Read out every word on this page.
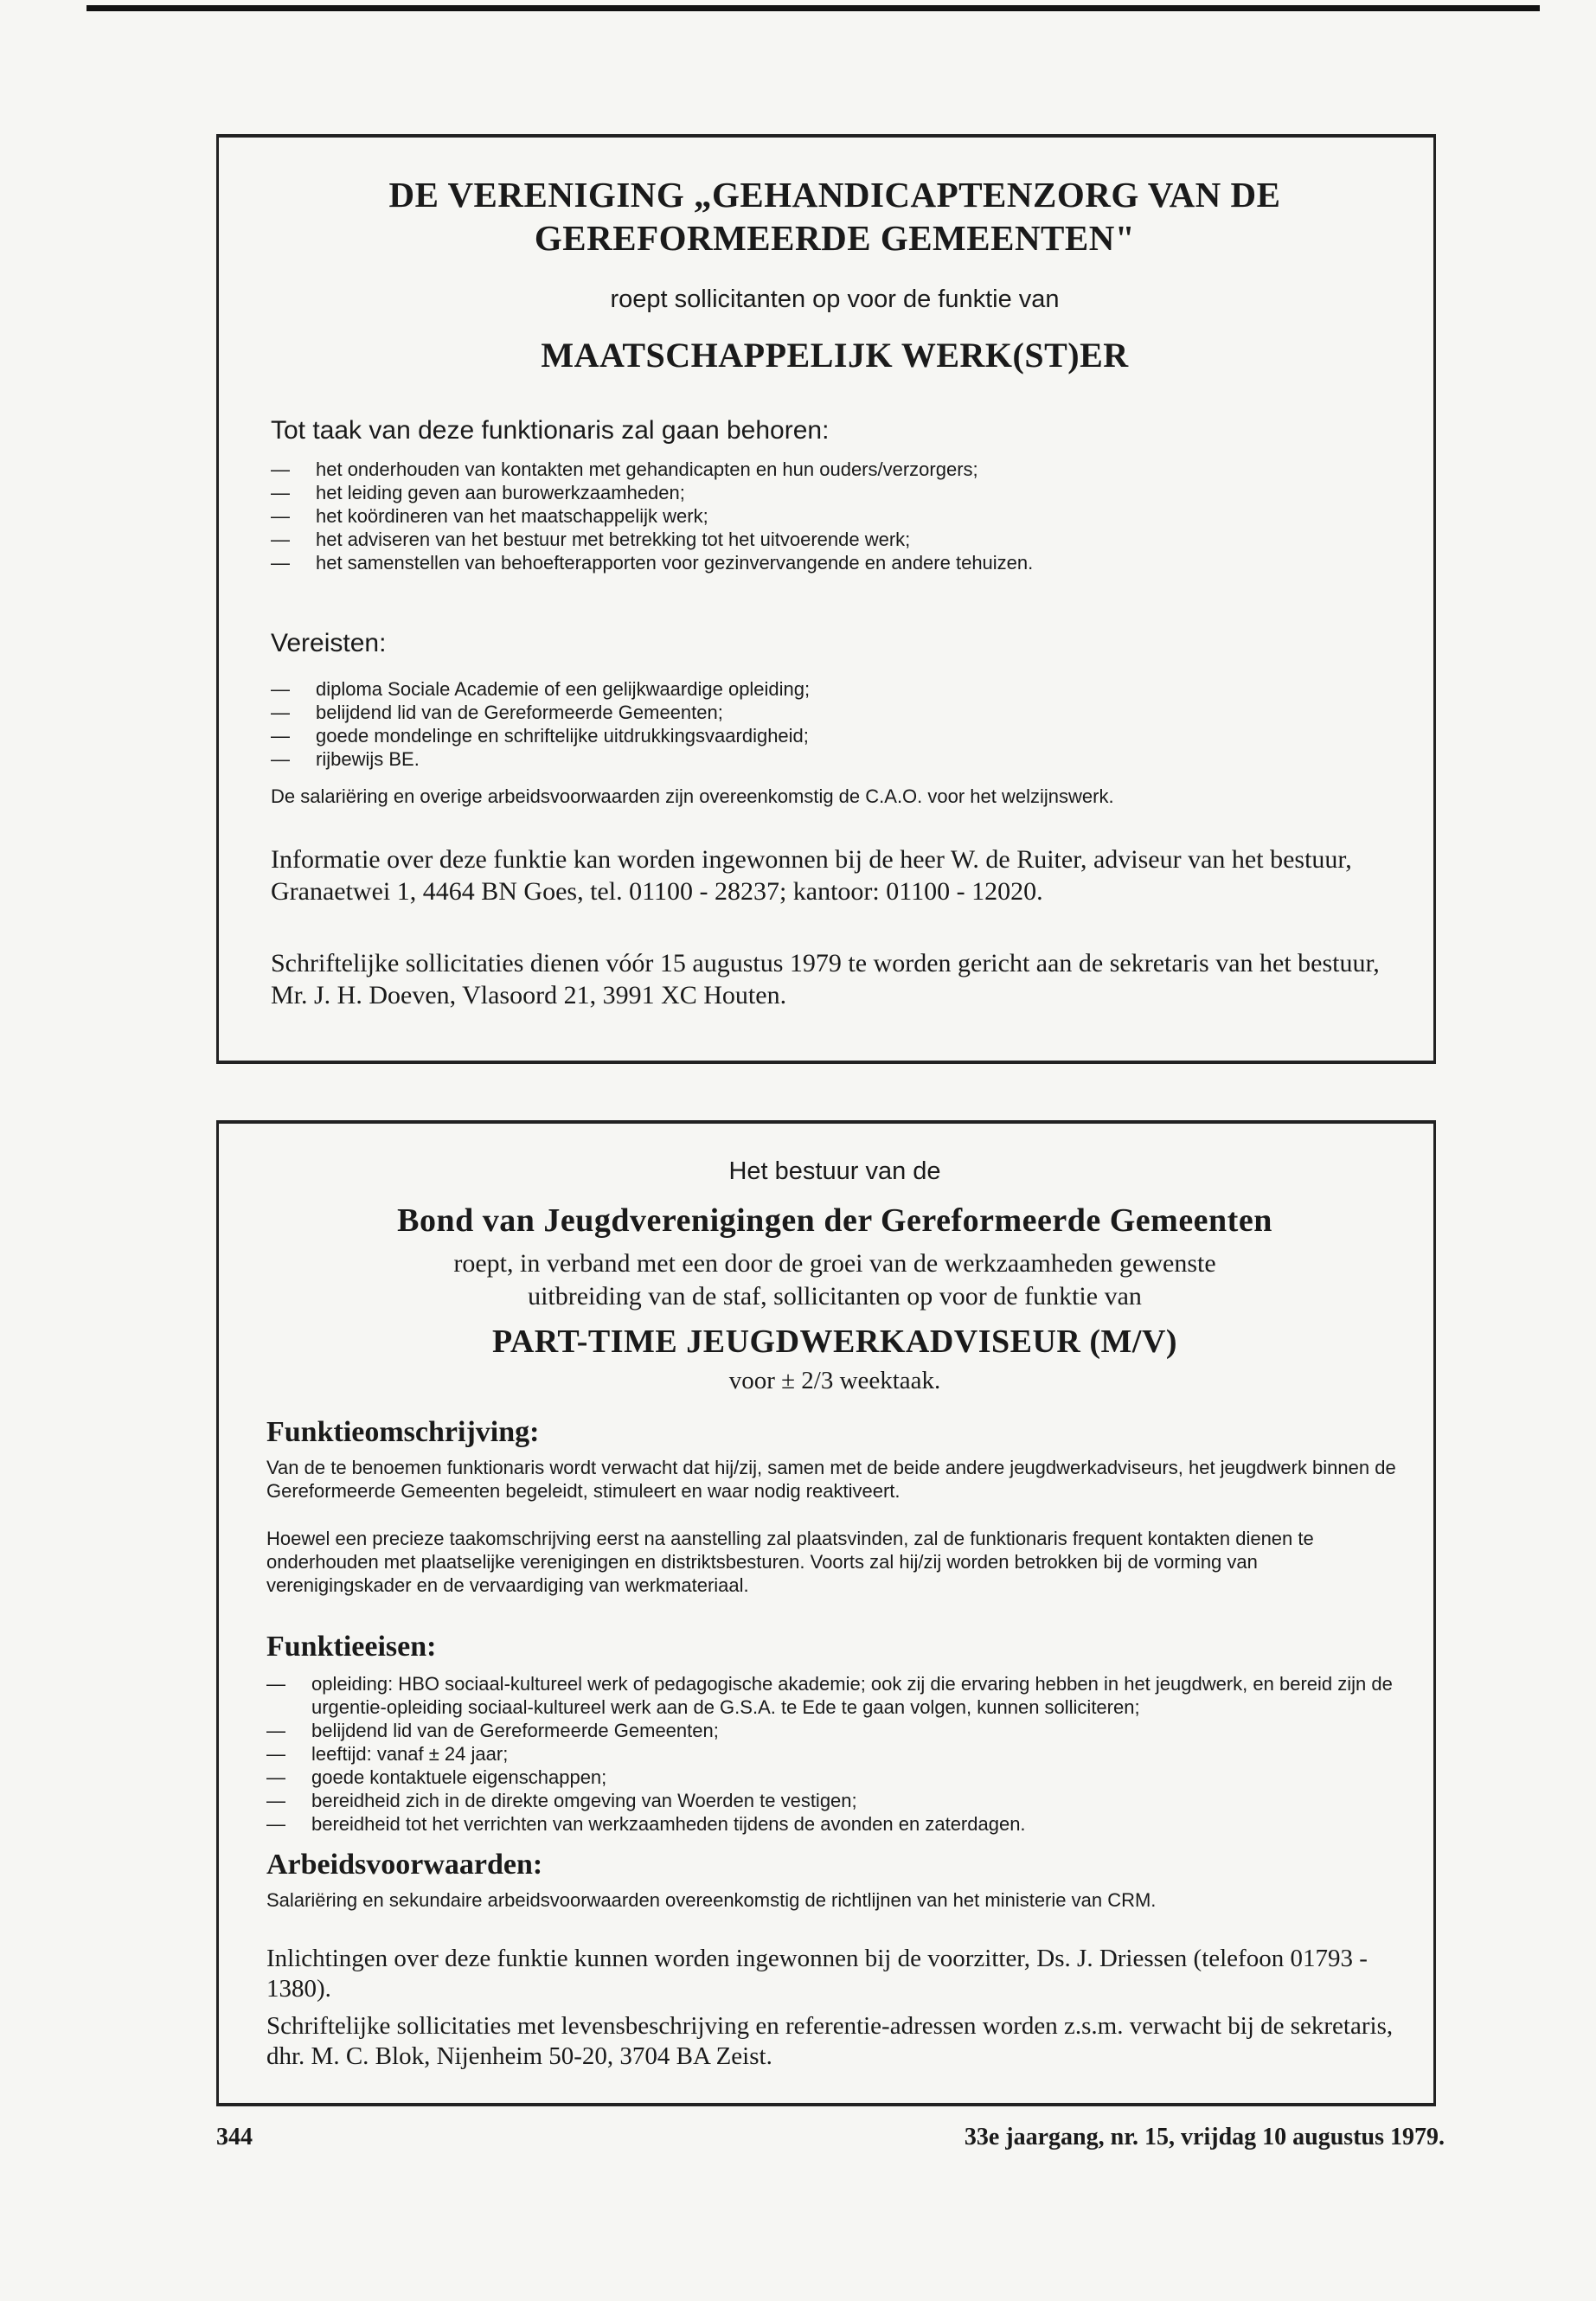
DE VERENIGING „GEHANDICAPTENZORG VAN DE
GEREFORMEERDE GEMEENTEN"
roept sollicitanten op voor de funktie van
MAATSCHAPPELIJK WERK(ST)ER
Tot taak van deze funktionaris zal gaan behoren:
— het onderhouden van kontakten met gehandicapten en hun ouders/verzorgers;
— het leiding geven aan burowerkzaamheden;
— het koördineren van het maatschappelijk werk;
— het adviseren van het bestuur met betrekking tot het uitvoerende werk;
— het samenstellen van behoefterapporten voor gezinvervangende en andere tehuizen.
Vereisten:
— diploma Sociale Academie of een gelijkwaardige opleiding;
— belijdend lid van de Gereformeerde Gemeenten;
— goede mondelinge en schriftelijke uitdrukkingsvaardigheid;
— rijbewijs BE.
De salariëring en overige arbeidsvoorwaarden zijn overeenkomstig de C.A.O. voor het welzijnswerk.
Informatie over deze funktie kan worden ingewonnen bij de heer W. de Ruiter, adviseur van het bestuur, Granaetwei 1, 4464 BN Goes, tel. 01100 - 28237; kantoor: 01100 - 12020.
Schriftelijke sollicitaties dienen vóór 15 augustus 1979 te worden gericht aan de sekretaris van het bestuur, Mr. J. H. Doeven, Vlasoord 21, 3991 XC Houten.
Het bestuur van de
Bond van Jeugdverenigingen der Gereformeerde Gemeenten
roept, in verband met een door de groei van de werkzaamheden gewenste
uitbreiding van de staf, sollicitanten op voor de funktie van
PART-TIME JEUGDWERKADVISEUR (M/V)
voor ± 2/3 weektaak.
Funktieomschrijving:
Van de te benoemen funktionaris wordt verwacht dat hij/zij, samen met de beide andere jeugdwerkadviseurs, het jeugdwerk binnen de Gereformeerde Gemeenten begeleidt, stimuleert en waar nodig reaktiveert.
Hoewel een precieze taakomschrijving eerst na aanstelling zal plaatsvinden, zal de funktionaris frequent kontakten dienen te onderhouden met plaatselijke verenigingen en distriktsbesturen. Voorts zal hij/zij worden betrokken bij de vorming van verenigingskader en de vervaardiging van werkmateriaal.
Funktieeisen:
— opleiding: HBO sociaal-kultureel werk of pedagogische akademie; ook zij die ervaring hebben in het jeugdwerk, en bereid zijn de urgentie-opleiding sociaal-kultureel werk aan de G.S.A. te Ede te gaan volgen, kunnen solliciteren;
— belijdend lid van de Gereformeerde Gemeenten;
— leeftijd: vanaf ± 24 jaar;
— goede kontaktuele eigenschappen;
— bereidheid zich in de direkte omgeving van Woerden te vestigen;
— bereidheid tot het verrichten van werkzaamheden tijdens de avonden en zaterdagen.
Arbeidsvoorwaarden:
Salariëring en sekundaire arbeidsvoorwaarden overeenkomstig de richtlijnen van het ministerie van CRM.
Inlichtingen over deze funktie kunnen worden ingewonnen bij de voorzitter, Ds. J. Driessen (telefoon 01793 - 1380).
Schriftelijke sollicitaties met levensbeschrijving en referentie-adressen worden z.s.m. verwacht bij de sekretaris, dhr. M. C. Blok, Nijenheim 50-20, 3704 BA Zeist.
344	33e jaargang, nr. 15, vrijdag 10 augustus 1979.
